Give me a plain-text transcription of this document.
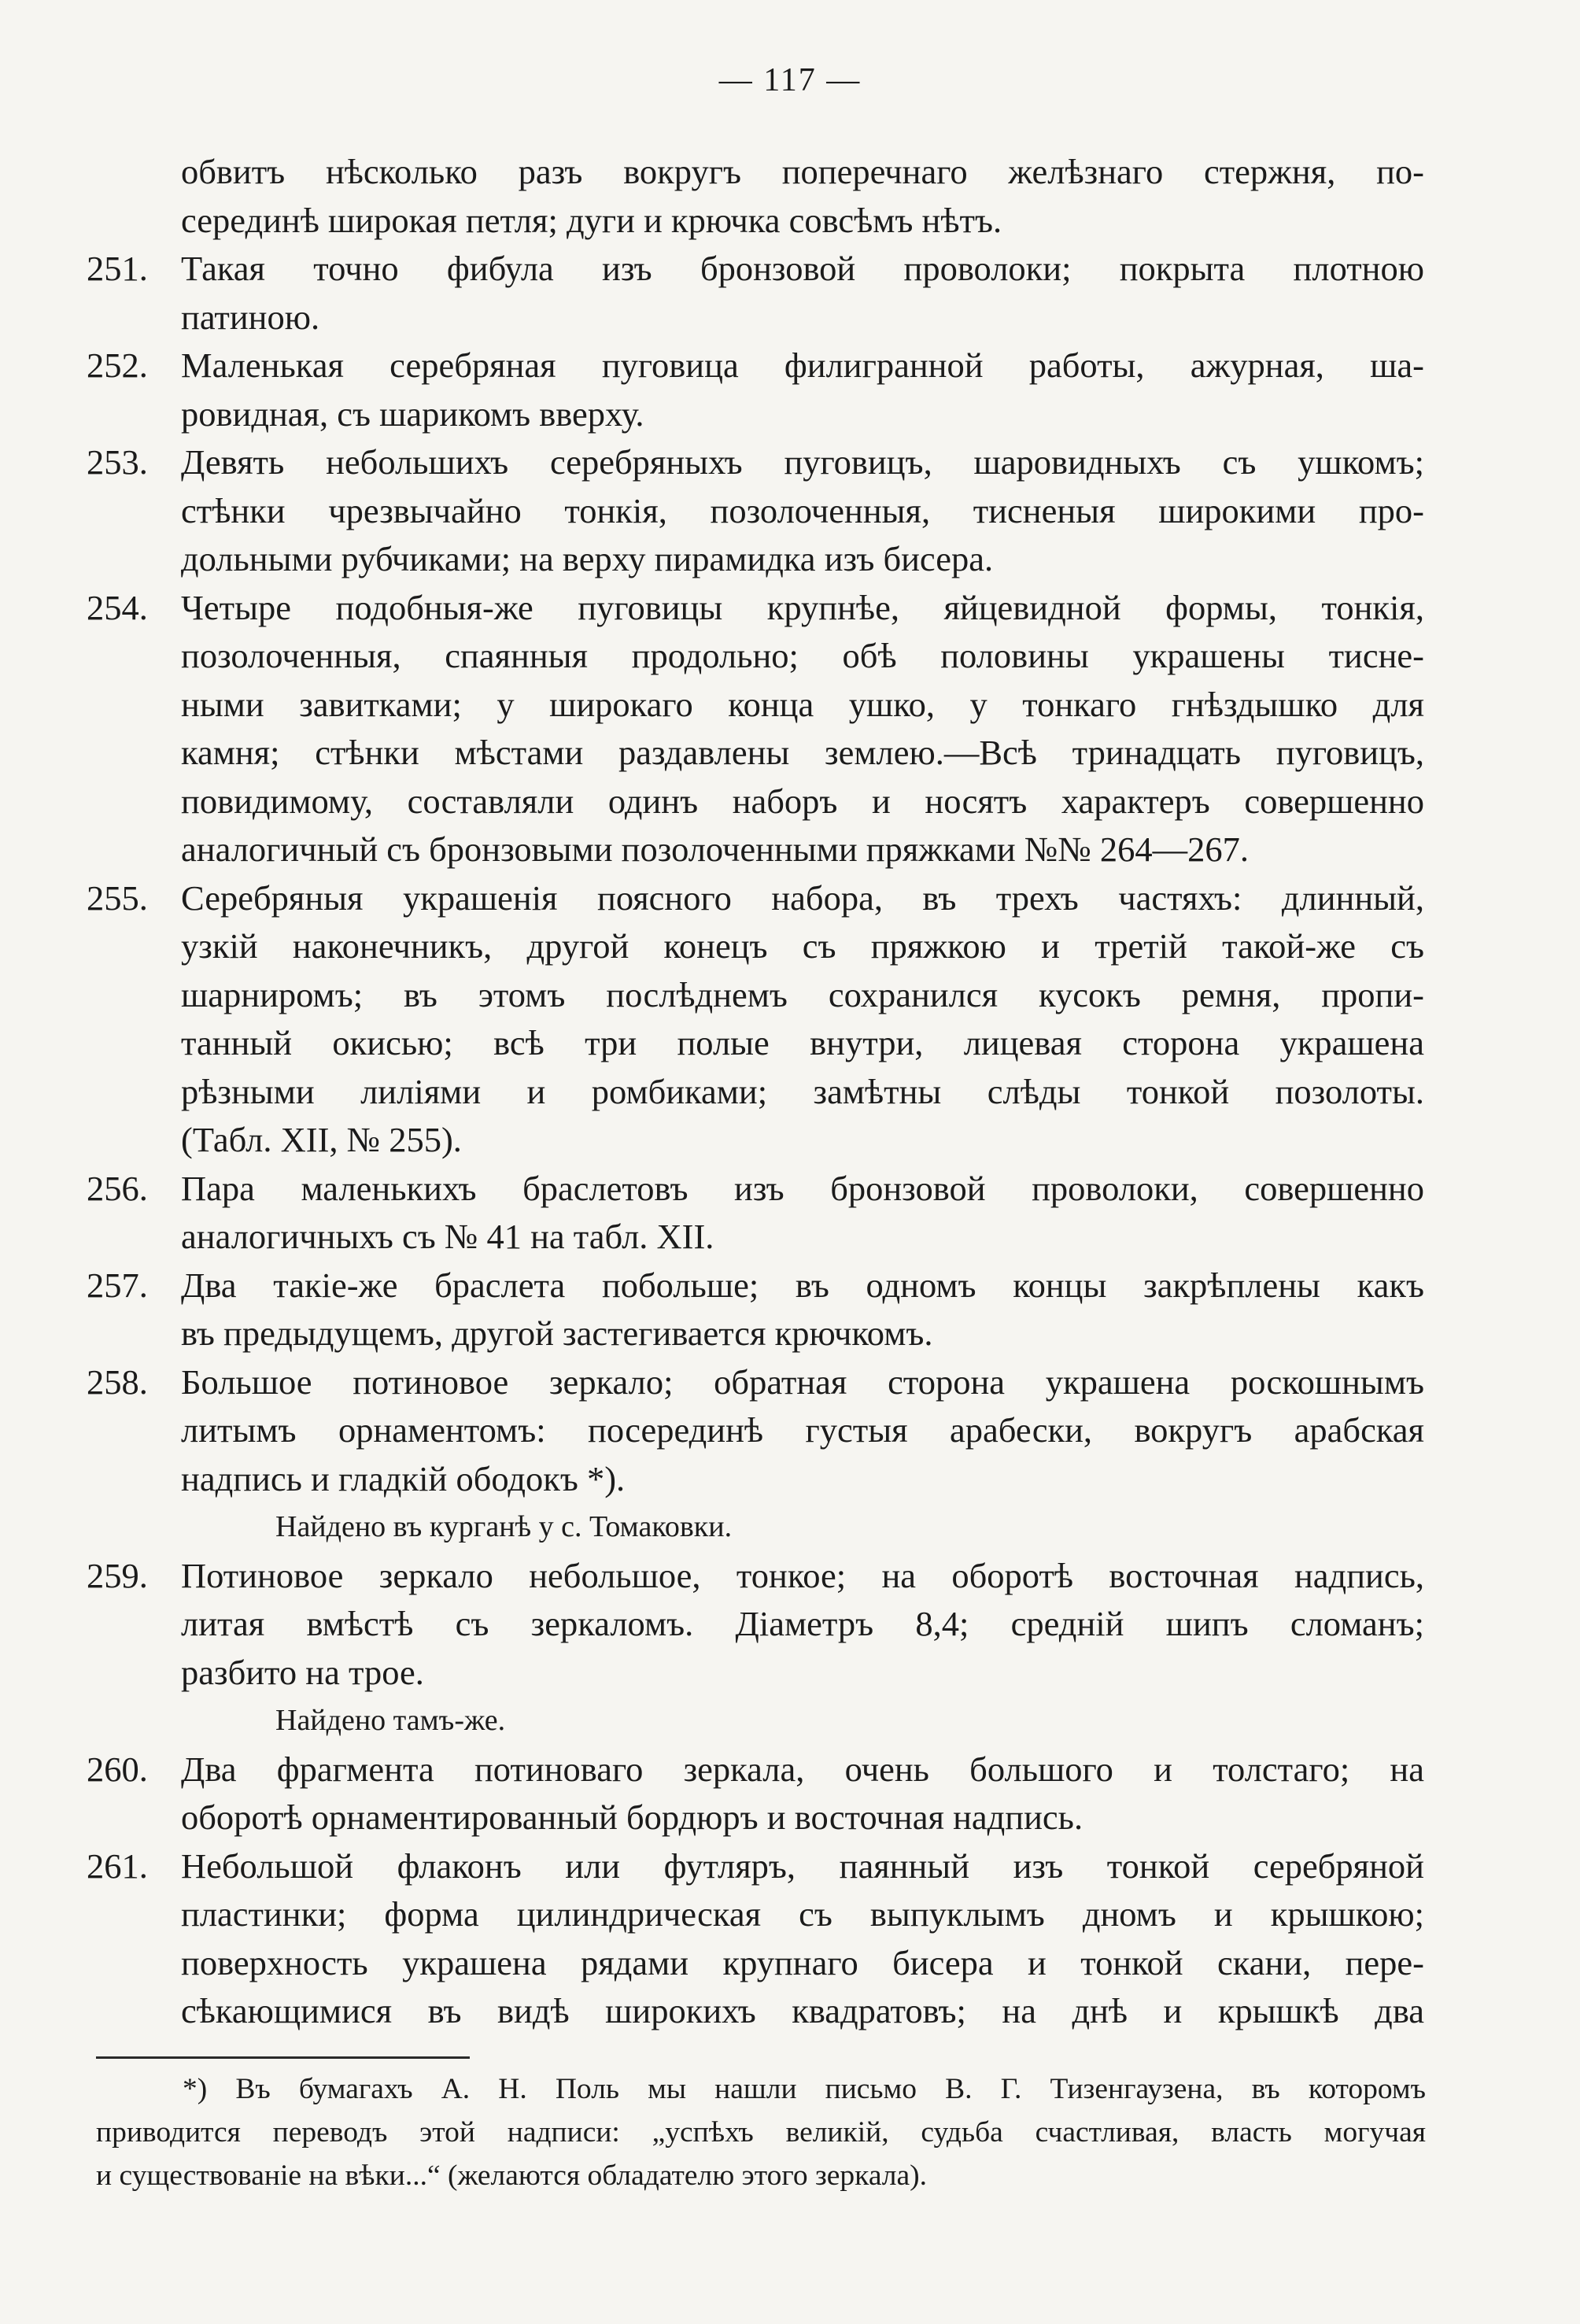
— 117 —
обвитъ нѣсколько разъ вокругъ поперечнаго желѣзнаго стержня, по-
серединѣ широкая петля; дуги и крючка совсѣмъ нѣтъ.
251. Такая точно фибула изъ бронзовой проволоки; покрыта плотною
патиною.
252. Маленькая серебряная пуговица филигранной работы, ажурная, ша-
ровидная, съ шарикомъ вверху.
253. Девять небольшихъ серебряныхъ пуговицъ, шаровидныхъ съ ушкомъ;
стѣнки чрезвычайно тонкія, позолоченныя, тисненыя широкими про-
дольными рубчиками; на верху пирамидка изъ бисера.
254. Четыре подобныя-же пуговицы крупнѣе, яйцевидной формы, тонкія,
позолоченныя, спаянныя продольно; обѣ половины украшены тисне-
ными завитками; у широкаго конца ушко, у тонкаго гнѣздышко для
камня; стѣнки мѣстами раздавлены землею.—Всѣ тринадцать пуговицъ,
повидимому, составляли одинъ наборъ и носятъ характеръ совершенно
аналогичный съ бронзовыми позолоченными пряжками №№ 264—267.
255. Серебряныя украшенія поясного набора, въ трехъ частяхъ: длинный,
узкій наконечникъ, другой конецъ съ пряжкою и третій такой-же съ
шарниромъ; въ этомъ послѣднемъ сохранился кусокъ ремня, пропи-
танный окисью; всѣ три полые внутри, лицевая сторона украшена
рѣзными лиліями и ромбиками; замѣтны слѣды тонкой позолоты.
(Табл. XII, № 255).
256. Пара маленькихъ браслетовъ изъ бронзовой проволоки, совершенно
аналогичныхъ съ № 41 на табл. XII.
257. Два такіе-же браслета побольше; въ одномъ концы закрѣплены какъ
въ предыдущемъ, другой застегивается крючкомъ.
258. Большое потиновое зеркало; обратная сторона украшена роскошнымъ
литымъ орнаментомъ: посерединѣ густыя арабески, вокругъ арабская
надпись и гладкій ободокъ *).
Найдено въ курганѣ у с. Томаковки.
259. Потиновое зеркало небольшое, тонкое; на оборотѣ восточная надпись,
литая вмѣстѣ съ зеркаломъ. Діаметръ 8,4; средній шипъ сломанъ;
разбито на трое.
Найдено тамъ-же.
260. Два фрагмента потиноваго зеркала, очень большого и толстаго; на
оборотѣ орнаментированный бордюръ и восточная надпись.
261. Небольшой флаконъ или футляръ, паянный изъ тонкой серебряной
пластинки; форма цилиндрическая съ выпуклымъ дномъ и крышкою;
поверхность украшена рядами крупнаго бисера и тонкой скани, пере-
сѣкающимися въ видѣ широкихъ квадратовъ; на днѣ и крышкѣ два
*) Въ бумагахъ А. Н. Поль мы нашли письмо В. Г. Тизенгаузена, въ которомъ
приводится переводъ этой надписи: „успѣхъ великій, судьба счастливая, власть могучая
и существованіе на вѣки...“ (желаются обладателю этого зеркала).
